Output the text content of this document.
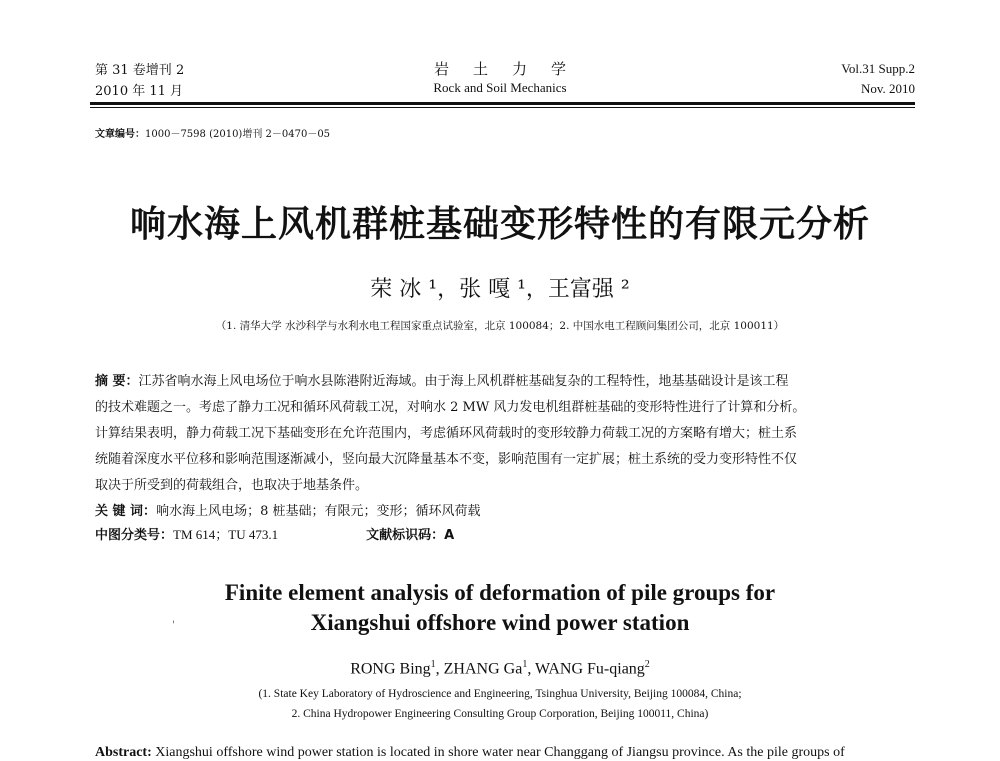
第 31 卷增刊 2
2010 年 11 月
岩土力学
Rock and Soil Mechanics
Vol.31 Supp.2
Nov. 2010
文章编号：1000－7598 (2010)增刊 2－0470－05
响水海上风机群桩基础变形特性的有限元分析
荣 冰 ¹，张 嘎 ¹，王富强 ²
（1. 清华大学 水沙科学与水利水电工程国家重点试验室，北京 100084；2. 中国水电工程顾问集团公司，北京 100011）
摘 要：江苏省响水海上风电场位于响水县陈港附近海域。由于海上风机群桩基础复杂的工程特性，地基基础设计是该工程
的技术难题之一。考虑了静力工况和循环风荷载工况，对响水 2 MW 风力发电机组群桩基础的变形特性进行了计算和分析。
计算结果表明，静力荷载工况下基础变形在允许范围内，考虑循环风荷载时的变形较静力荷载工况的方案略有增大；桩土系
统随着深度水平位移和影响范围逐渐减小，竖向最大沉降量基本不变，影响范围有一定扩展；桩土系统的受力变形特性不仅
取决于所受到的荷载组合，也取决于地基条件。
关 键 词：响水海上风电场；8 桩基础；有限元；变形；循环风荷载
中图分类号：TM 614；TU 473.1	文献标识码：A
Finite element analysis of deformation of pile groups for
Xiangshui offshore wind power station
'
RONG Bing$^1$, ZHANG Ga$^1$, WANG Fu-qiang$^2$
(1. State Key Laboratory of Hydroscience and Engineering, Tsinghua University, Beijing 100084, China;
2. China Hydropower Engineering Consulting Group Corporation, Beijing 100011, China)
Abstract: Xiangshui offshore wind power station is located in shore water near Changgang of Jiangsu province. As the pile groups of
